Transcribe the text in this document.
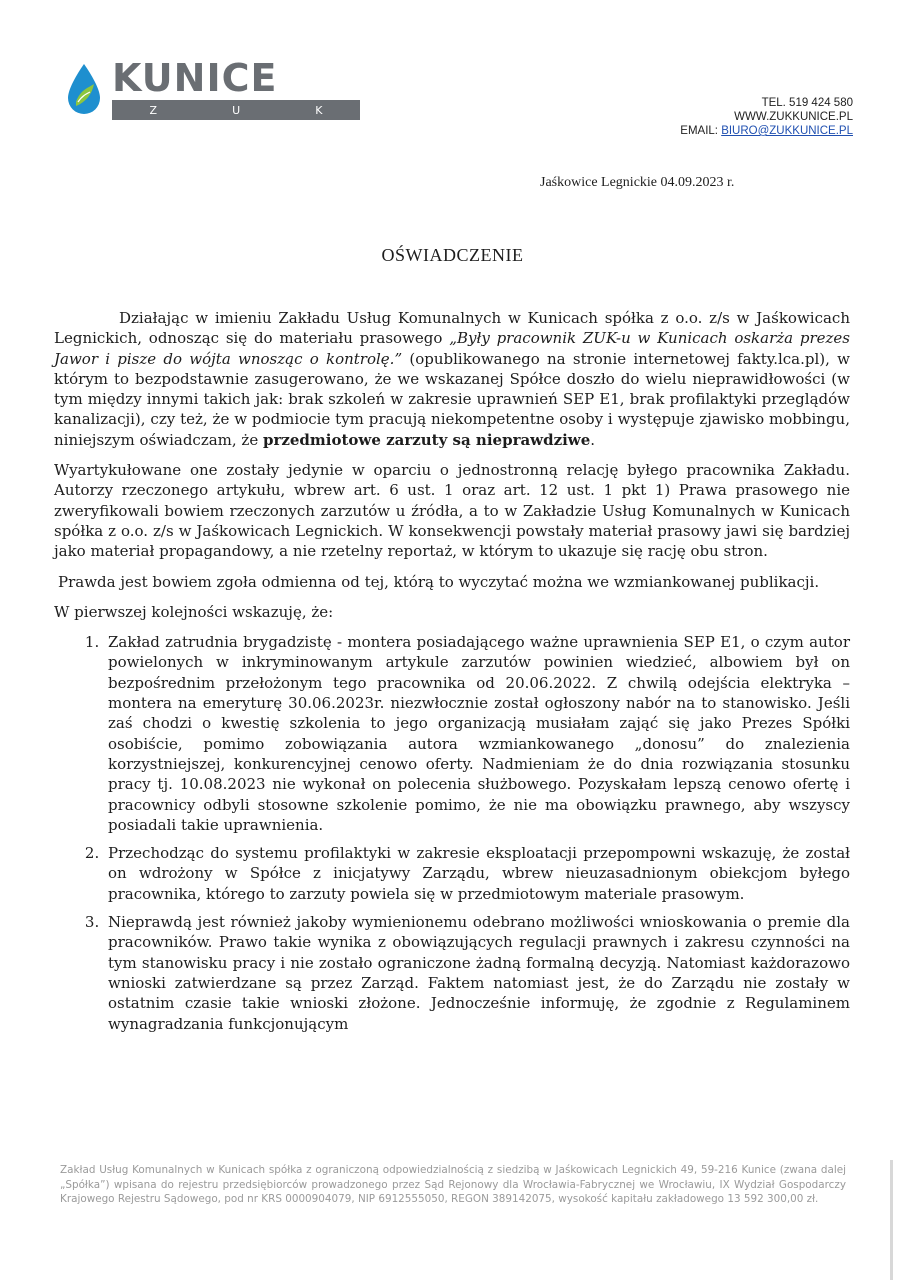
KUNICE
Z	U	K
TEL. 519 424 580
WWW.ZUKKUNICE.PL
EMAIL: BIURO@ZUKKUNICE.PL
Jaśkowice Legnickie 04.09.2023 r.
OŚWIADCZENIE

Działając w imieniu Zakładu Usług Komunalnych w Kunicach spółka z o.o. z/s w Jaśkowicach Legnickich, odnosząc się do materiału prasowego „Były pracownik ZUK-u w Kunicach oskarża prezes Jawor i pisze do wójta wnosząc o kontrolę.” (opublikowanego na stronie internetowej fakty.lca.pl), w którym to bezpodstawnie zasugerowano, że we wskazanej Spółce doszło do wielu nieprawidłowości (w tym między innymi takich jak: brak szkoleń w zakresie uprawnień SEP E1, brak profilaktyki przeglądów kanalizacji), czy też, że w podmiocie tym pracują niekompetentne osoby i występuje zjawisko mobbingu, niniejszym oświadczam, że przedmiotowe zarzuty są nieprawdziwe.

Wyartykułowane one zostały jedynie w oparciu o jednostronną relację byłego pracownika Zakładu. Autorzy rzeczonego artykułu, wbrew art. 6 ust. 1 oraz art. 12 ust. 1 pkt 1) Prawa prasowego nie zweryfikowali bowiem rzeczonych zarzutów u źródła, a to w Zakładzie Usług Komunalnych w Kunicach spółka z o.o. z/s w Jaśkowicach Legnickich. W konsekwencji powstały materiał prasowy jawi się bardziej jako materiał propagandowy, a nie rzetelny reportaż, w którym to ukazuje się rację obu stron.

Prawda jest bowiem zgoła odmienna od tej, którą to wyczytać można we wzmiankowanej publikacji.

W pierwszej kolejności wskazuję, że:

1. Zakład zatrudnia brygadzistę - montera posiadającego ważne uprawnienia SEP E1, o czym autor powielonych w inkryminowanym artykule zarzutów powinien wiedzieć, albowiem był on bezpośrednim przełożonym tego pracownika od 20.06.2022. Z chwilą odejścia elektryka – montera na emeryturę 30.06.2023r. niezwłocznie został ogłoszony nabór na to stanowisko. Jeśli zaś chodzi o kwestię szkolenia to jego organizacją musiałam zająć się jako Prezes Spółki osobiście, pomimo zobowiązania autora wzmiankowanego „donosu” do znalezienia korzystniejszej, konkurencyjnej cenowo oferty. Nadmieniam że do dnia rozwiązania stosunku pracy tj. 10.08.2023 nie wykonał on polecenia służbowego. Pozyskałam lepszą cenowo ofertę i pracownicy odbyli stosowne szkolenie pomimo, że nie ma obowiązku prawnego, aby wszyscy posiadali takie uprawnienia.
2. Przechodząc do systemu profilaktyki w zakresie eksploatacji przepompowni wskazuję, że został on wdrożony w Spółce z inicjatywy Zarządu, wbrew nieuzasadnionym obiekcjom byłego pracownika, którego to zarzuty powiela się w przedmiotowym materiale prasowym.
3. Nieprawdą jest również jakoby wymienionemu odebrano możliwości wnioskowania o premie dla pracowników. Prawo takie wynika z obowiązujących regulacji prawnych i zakresu czynności na tym stanowisku pracy i nie zostało ograniczone żadną formalną decyzją. Natomiast każdorazowo wnioski zatwierdzane są przez Zarząd. Faktem natomiast jest, że do Zarządu nie zostały w ostatnim czasie takie wnioski złożone. Jednocześnie informuję, że zgodnie z Regulaminem wynagradzania funkcjonującym
Zakład Usług Komunalnych w Kunicach spółka z ograniczoną odpowiedzialnością z siedzibą w Jaśkowicach Legnickich 49, 59-216 Kunice (zwana dalej „Spółka”) wpisana do rejestru przedsiębiorców prowadzonego przez Sąd Rejonowy dla Wrocławia-Fabrycznej we Wrocławiu, IX Wydział Gospodarczy Krajowego Rejestru Sądowego, pod nr KRS 0000904079, NIP 6912555050, REGON 389142075, wysokość kapitału zakładowego 13 592 300,00 zł.
